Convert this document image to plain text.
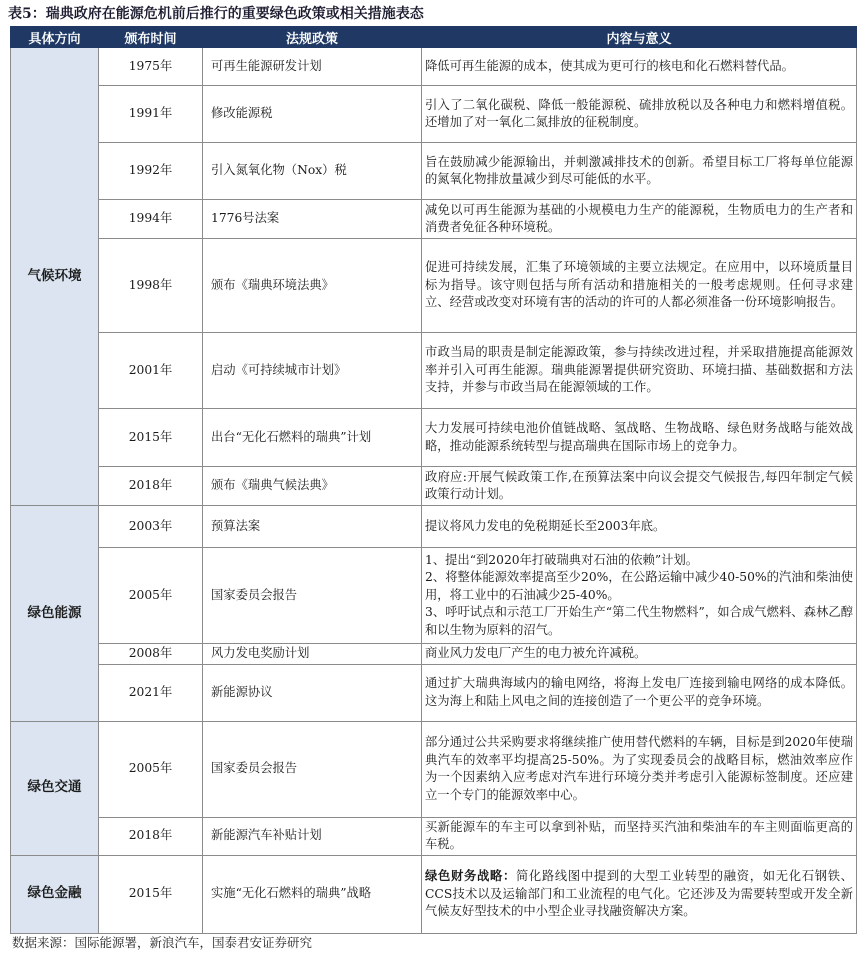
表5：瑞典政府在能源危机前后推行的重要绿色政策或相关措施表态
具体方向	颁布时间	法规政策	内容与意义
气候环境	1975年	可再生能源研发计划	降低可再生能源的成本，使其成为更可行的核电和化石燃料替代品。
	1991年	修改能源税	引入了二氧化碳税、降低一般能源税、硫排放税以及各种电力和燃料增值税。还增加了对一氧化二氮排放的征税制度。
	1992年	引入氮氧化物（Nox）税	旨在鼓励减少能源输出，并刺激减排技术的创新。希望目标工厂将每单位能源的氮氧化物排放量减少到尽可能低的水平。
	1994年	1776号法案	减免以可再生能源为基础的小规模电力生产的能源税，生物质电力的生产者和消费者免征各种环境税。
	1998年	颁布《瑞典环境法典》	促进可持续发展，汇集了环境领域的主要立法规定。在应用中，以环境质量目标为指导。该守则包括与所有活动和措施相关的一般考虑规则。任何寻求建立、经营或改变对环境有害的活动的许可的人都必须准备一份环境影响报告。
	2001年	启动《可持续城市计划》	市政当局的职责是制定能源政策，参与持续改进过程，并采取措施提高能源效率并引入可再生能源。瑞典能源署提供研究资助、环境扫描、基础数据和方法支持，并参与市政当局在能源领域的工作。
	2015年	出台“无化石燃料的瑞典”计划	大力发展可持续电池价值链战略、氢战略、生物战略、绿色财务战略与能效战略，推动能源系统转型与提高瑞典在国际市场上的竞争力。
	2018年	颁布《瑞典气候法典》	政府应:开展气候政策工作,在预算法案中向议会提交气候报告,每四年制定气候政策行动计划。
绿色能源	2003年	预算法案	提议将风力发电的免税期延长至2003年底。
	2005年	国家委员会报告	1、提出“到2020年打破瑞典对石油的依赖”计划。
2、将整体能源效率提高至少20%，在公路运输中减少40-50%的汽油和柴油使用，将工业中的石油减少25-40%。
3、呼吁试点和示范工厂开始生产“第二代生物燃料”，如合成气燃料、森林乙醇和以生物为原料的沼气。

	2008年	风力发电奖励计划	商业风力发电厂产生的电力被允许减税。
	2021年	新能源协议	通过扩大瑞典海域内的输电网络，将海上发电厂连接到输电网络的成本降低。这为海上和陆上风电之间的连接创造了一个更公平的竞争环境。
绿色交通	2005年	国家委员会报告	部分通过公共采购要求将继续推广使用替代燃料的车辆，目标是到2020年使瑞典汽车的效率平均提高25-50%。为了实现委员会的战略目标，燃油效率应作为一个因素纳入应考虑对汽车进行环境分类并考虑引入能源标签制度。还应建立一个专门的能源效率中心。
	2018年	新能源汽车补贴计划	买新能源车的车主可以拿到补贴，而坚持买汽油和柴油车的车主则面临更高的车税。
绿色金融	2015年	实施“无化石燃料的瑞典”战略	绿色财务战略：简化路线图中提到的大型工业转型的融资，如无化石钢铁、CCS技术以及运输部门和工业流程的电气化。它还涉及为需要转型或开发全新气候友好型技术的中小型企业寻找融资解决方案。
数据来源：国际能源署，新浪汽车，国泰君安证券研究
